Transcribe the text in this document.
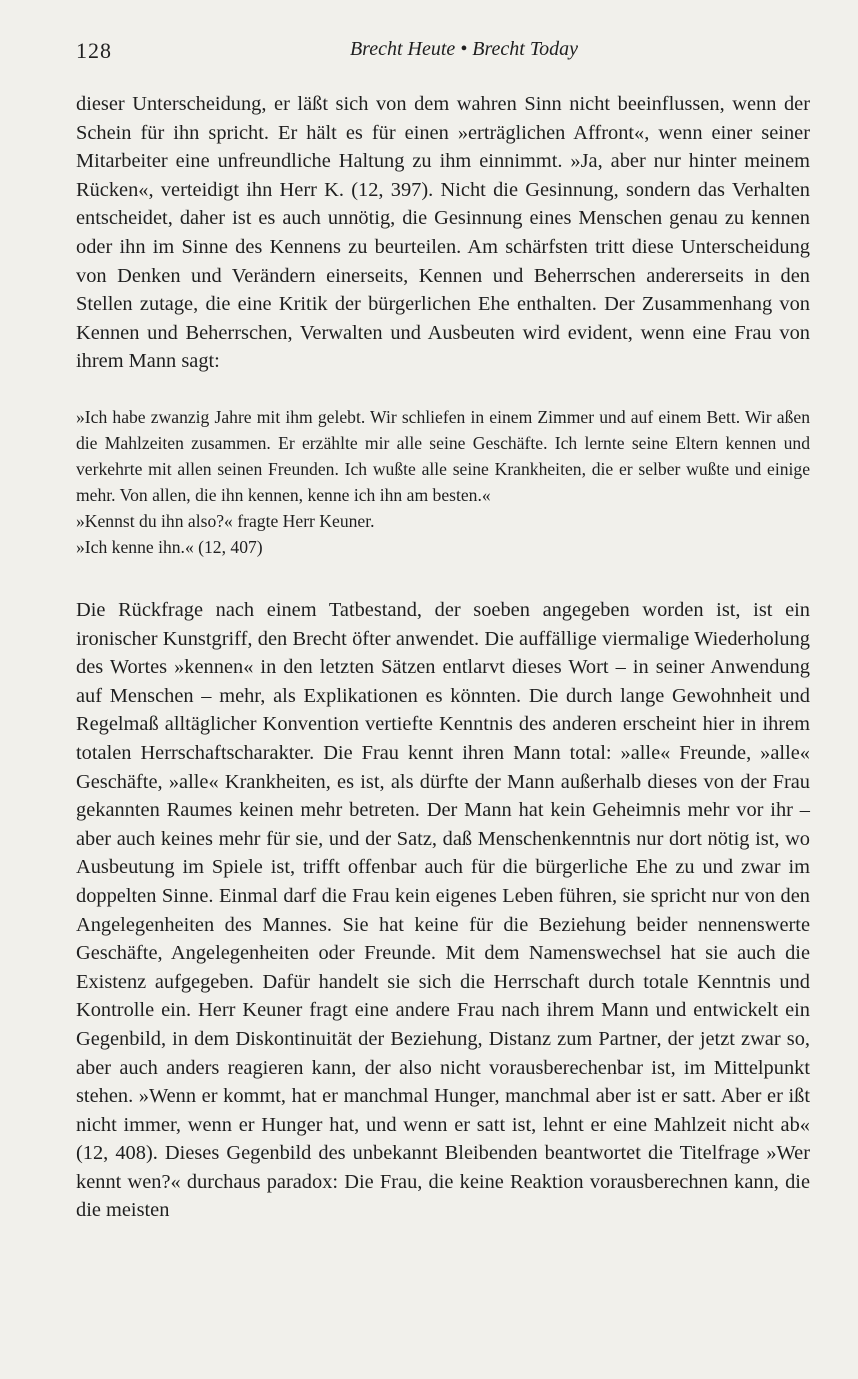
128	Brecht Heute • Brecht Today

dieser Unterscheidung, er läßt sich von dem wahren Sinn nicht beeinflussen, wenn der Schein für ihn spricht. Er hält es für einen »erträglichen Affront«, wenn einer seiner Mitarbeiter eine unfreundliche Haltung zu ihm einnimmt. »Ja, aber nur hinter meinem Rücken«, verteidigt ihn Herr K. (12, 397). Nicht die Gesinnung, sondern das Verhalten entscheidet, daher ist es auch unnötig, die Gesinnung eines Menschen genau zu kennen oder ihn im Sinne des Kennens zu beurteilen. Am schärfsten tritt diese Unterscheidung von Denken und Verändern einerseits, Kennen und Beherrschen andererseits in den Stellen zutage, die eine Kritik der bürgerlichen Ehe enthalten. Der Zusammenhang von Kennen und Beherrschen, Verwalten und Ausbeuten wird evident, wenn eine Frau von ihrem Mann sagt:

»Ich habe zwanzig Jahre mit ihm gelebt. Wir schliefen in einem Zimmer und auf einem Bett. Wir aßen die Mahlzeiten zusammen. Er erzählte mir alle seine Geschäfte. Ich lernte seine Eltern kennen und verkehrte mit allen seinen Freunden. Ich wußte alle seine Krankheiten, die er selber wußte und einige mehr. Von allen, die ihn kennen, kenne ich ihn am besten.«

»Kennst du ihn also?« fragte Herr Keuner.

»Ich kenne ihn.« (12, 407)

Die Rückfrage nach einem Tatbestand, der soeben angegeben worden ist, ist ein ironischer Kunstgriff, den Brecht öfter anwendet. Die auffällige viermalige Wiederholung des Wortes »kennen« in den letzten Sätzen entlarvt dieses Wort – in seiner Anwendung auf Menschen – mehr, als Explikationen es könnten. Die durch lange Gewohnheit und Regelmaß alltäglicher Konvention vertiefte Kenntnis des anderen erscheint hier in ihrem totalen Herrschaftscharakter. Die Frau kennt ihren Mann total: »alle« Freunde, »alle« Geschäfte, »alle« Krankheiten, es ist, als dürfte der Mann außerhalb dieses von der Frau gekannten Raumes keinen mehr betreten. Der Mann hat kein Geheimnis mehr vor ihr – aber auch keines mehr für sie, und der Satz, daß Menschenkenntnis nur dort nötig ist, wo Ausbeutung im Spiele ist, trifft offenbar auch für die bürgerliche Ehe zu und zwar im doppelten Sinne. Einmal darf die Frau kein eigenes Leben führen, sie spricht nur von den Angelegenheiten des Mannes. Sie hat keine für die Beziehung beider nennenswerte Geschäfte, Angelegenheiten oder Freunde. Mit dem Namenswechsel hat sie auch die Existenz aufgegeben. Dafür handelt sie sich die Herrschaft durch totale Kenntnis und Kontrolle ein. Herr Keuner fragt eine andere Frau nach ihrem Mann und entwickelt ein Gegenbild, in dem Diskontinuität der Beziehung, Distanz zum Partner, der jetzt zwar so, aber auch anders reagieren kann, der also nicht vorausberechenbar ist, im Mittelpunkt stehen. »Wenn er kommt, hat er manchmal Hunger, manchmal aber ist er satt. Aber er ißt nicht immer, wenn er Hunger hat, und wenn er satt ist, lehnt er eine Mahlzeit nicht ab« (12, 408). Dieses Gegenbild des unbekannt Bleibenden beantwortet die Titelfrage »Wer kennt wen?« durchaus paradox: Die Frau, die keine Reaktion vorausberechnen kann, die die meisten
